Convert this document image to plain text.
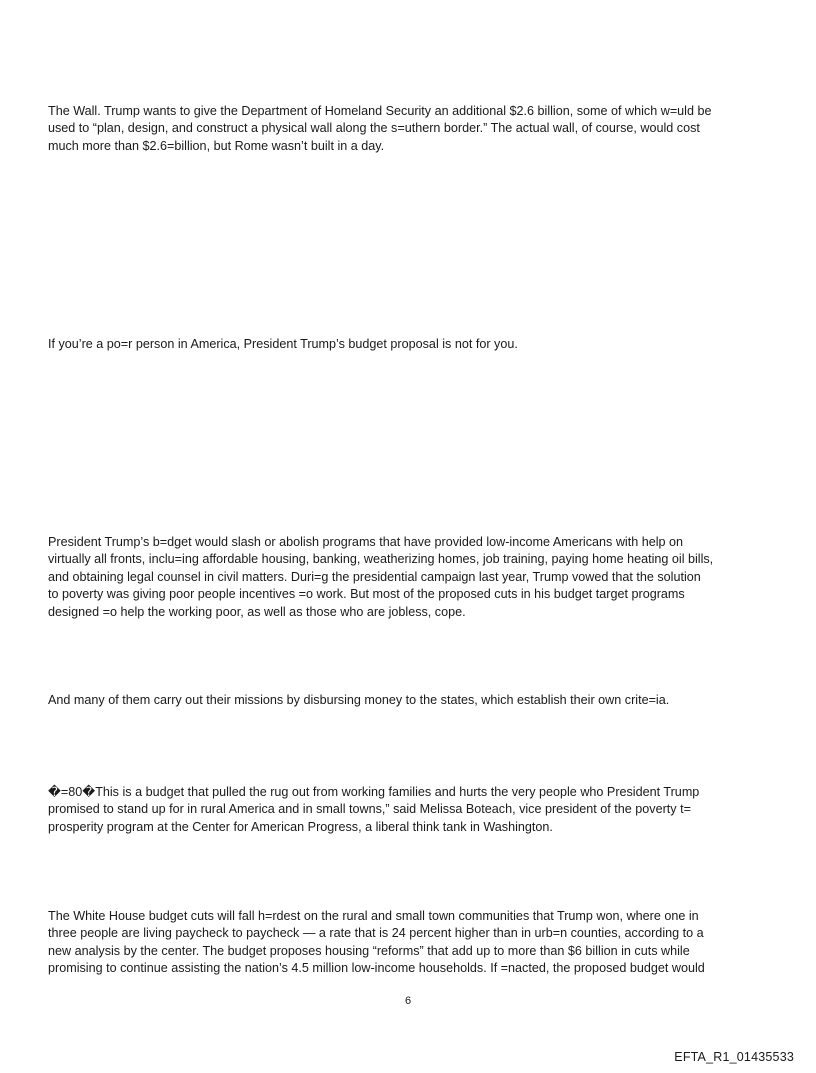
The Wall. Trump wants to give the Department of Homeland Security an additional $2.6 billion, some of which w=uld be
used to “plan, design, and construct a physical wall along the s=uthern border.” The actual wall, of course, would cost
much more than $2.6=billion, but Rome wasn’t built in a day.

If you’re a po=r person in America, President Trump’s budget proposal is not for you.

President Trump’s b=dget would slash or abolish programs that have provided low-income Americans with help on
virtually all fronts, inclu=ing affordable housing, banking, weatherizing homes, job training, paying home heating oil bills,
and obtaining legal counsel in civil matters. Duri=g the presidential campaign last year, Trump vowed that the solution
to poverty was giving poor people incentives =o work. But most of the proposed cuts in his budget target programs
designed =o help the working poor, as well as those who are jobless, cope.

And many of them carry out their missions by disbursing money to the states, which establish their own crite=ia.

�=80�This is a budget that pulled the rug out from working families and hurts the very people who President Trump
promised to stand up for in rural America and in small towns,” said Melissa Boteach, vice president of the poverty t=
prosperity program at the Center for American Progress, a liberal think tank in Washington.

The White House budget cuts will fall h=rdest on the rural and small town communities that Trump won, where one in
three people are living paycheck to paycheck — a rate that is 24 percent higher than in urb=n counties, according to a
new analysis by the center. The budget proposes housing “reforms” that add up to more than $6 billion in cuts while
promising to continue assisting the nation’s 4.5 million low-income households. If =nacted, the proposed budget would

6
EFTA_R1_01435533
